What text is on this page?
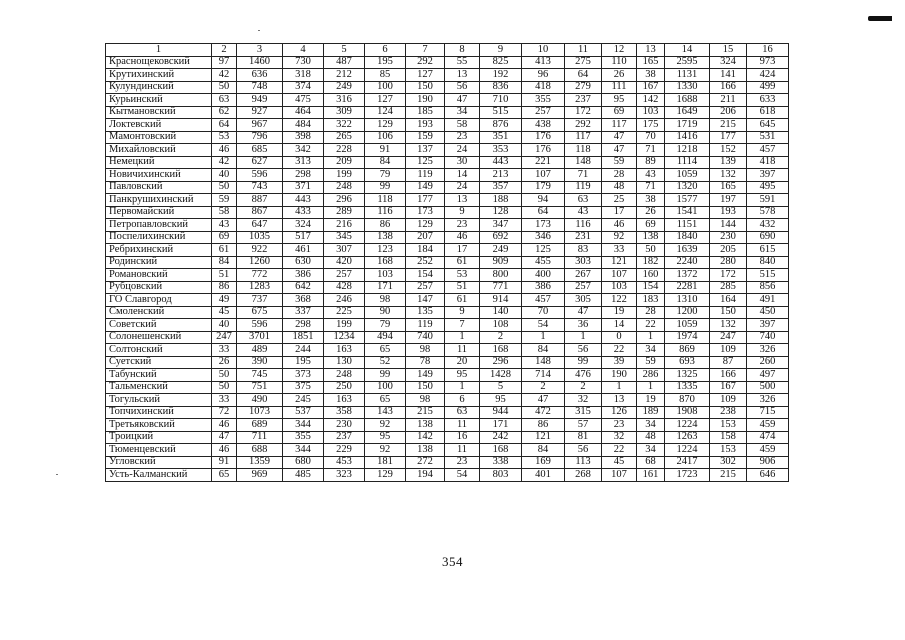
1	2	3	4	5	6	7	8	9	10	11	12	13	14	15	16
Краснощековский	97	1460	730	487	195	292	55	825	413	275	110	165	2595	324	973
Крутихинский	42	636	318	212	85	127	13	192	96	64	26	38	1131	141	424
Кулундинский	50	748	374	249	100	150	56	836	418	279	111	167	1330	166	499
Курьинский	63	949	475	316	127	190	47	710	355	237	95	142	1688	211	633
Кытмановский	62	927	464	309	124	185	34	515	257	172	69	103	1649	206	618
Локтевский	64	967	484	322	129	193	58	876	438	292	117	175	1719	215	645
Мамонтовский	53	796	398	265	106	159	23	351	176	117	47	70	1416	177	531
Михайловский	46	685	342	228	91	137	24	353	176	118	47	71	1218	152	457
Немецкий	42	627	313	209	84	125	30	443	221	148	59	89	1114	139	418
Новичихинский	40	596	298	199	79	119	14	213	107	71	28	43	1059	132	397
Павловский	50	743	371	248	99	149	24	357	179	119	48	71	1320	165	495
Панкрушихинский	59	887	443	296	118	177	13	188	94	63	25	38	1577	197	591
Первомайский	58	867	433	289	116	173	9	128	64	43	17	26	1541	193	578
Петропавловский	43	647	324	216	86	129	23	347	173	116	46	69	1151	144	432
Поспелихинский	69	1035	517	345	138	207	46	692	346	231	92	138	1840	230	690
Ребрихинский	61	922	461	307	123	184	17	249	125	83	33	50	1639	205	615
Родинский	84	1260	630	420	168	252	61	909	455	303	121	182	2240	280	840
Романовский	51	772	386	257	103	154	53	800	400	267	107	160	1372	172	515
Рубцовский	86	1283	642	428	171	257	51	771	386	257	103	154	2281	285	856
ГО Славгород	49	737	368	246	98	147	61	914	457	305	122	183	1310	164	491
Смоленский	45	675	337	225	90	135	9	140	70	47	19	28	1200	150	450
Советский	40	596	298	199	79	119	7	108	54	36	14	22	1059	132	397
Солонешенский	247	3701	1851	1234	494	740	1	2	1	1	0	1	1974	247	740
Солтонский	33	489	244	163	65	98	11	168	84	56	22	34	869	109	326
Суетский	26	390	195	130	52	78	20	296	148	99	39	59	693	87	260
Табунский	50	745	373	248	99	149	95	1428	714	476	190	286	1325	166	497
Тальменский	50	751	375	250	100	150	1	5	2	2	1	1	1335	167	500
Тогульский	33	490	245	163	65	98	6	95	47	32	13	19	870	109	326
Топчихинский	72	1073	537	358	143	215	63	944	472	315	126	189	1908	238	715
Третьяковский	46	689	344	230	92	138	11	171	86	57	23	34	1224	153	459
Троицкий	47	711	355	237	95	142	16	242	121	81	32	48	1263	158	474
Тюменцевский	46	688	344	229	92	138	11	168	84	56	22	34	1224	153	459
Угловский	91	1359	680	453	181	272	23	338	169	113	45	68	2417	302	906
Усть-Калманский	65	969	485	323	129	194	54	803	401	268	107	161	1723	215	646
354
